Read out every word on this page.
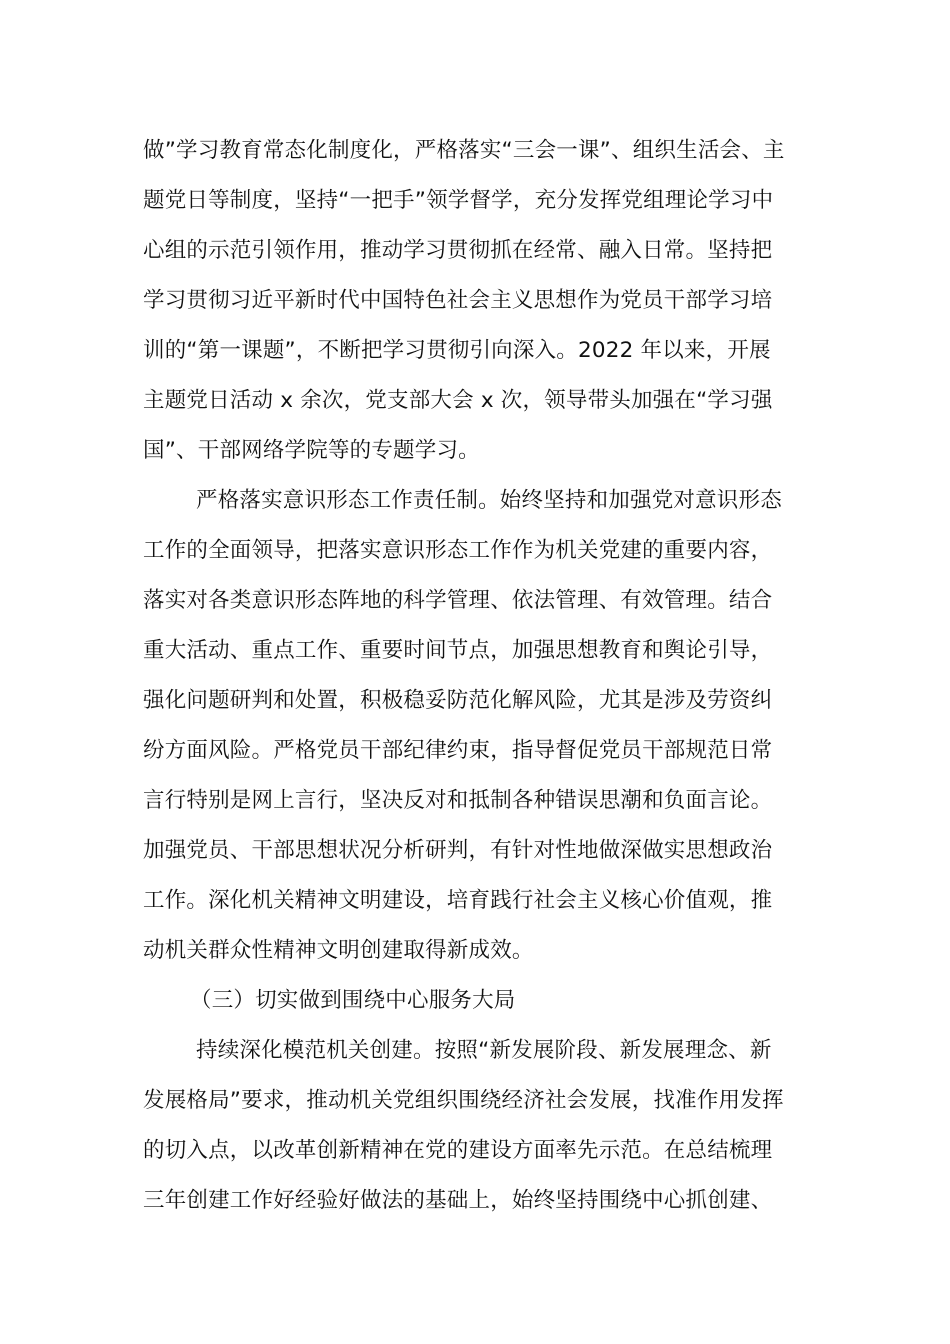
做”学习教育常态化制度化，严格落实“三会一课”、组织生活会、主
题党日等制度，坚持“一把手”领学督学，充分发挥党组理论学习中
心组的示范引领作用，推动学习贯彻抓在经常、融入日常。坚持把
学习贯彻习近平新时代中国特色社会主义思想作为党员干部学习培
训的“第一课题”，不断把学习贯彻引向深入。2022 年以来，开展
主题党日活动 x 余次，党支部大会 x 次，领导带头加强在“学习强
国”、干部网络学院等的专题学习。
严格落实意识形态工作责任制。始终坚持和加强党对意识形态
工作的全面领导，把落实意识形态工作作为机关党建的重要内容，
落实对各类意识形态阵地的科学管理、依法管理、有效管理。结合
重大活动、重点工作、重要时间节点，加强思想教育和舆论引导，
强化问题研判和处置，积极稳妥防范化解风险，尤其是涉及劳资纠
纷方面风险。严格党员干部纪律约束，指导督促党员干部规范日常
言行特别是网上言行，坚决反对和抵制各种错误思潮和负面言论。
加强党员、干部思想状况分析研判，有针对性地做深做实思想政治
工作。深化机关精神文明建设，培育践行社会主义核心价值观，推
动机关群众性精神文明创建取得新成效。
（三）切实做到围绕中心服务大局
持续深化模范机关创建。按照“新发展阶段、新发展理念、新
发展格局”要求，推动机关党组织围绕经济社会发展，找准作用发挥
的切入点，以改革创新精神在党的建设方面率先示范。在总结梳理
三年创建工作好经验好做法的基础上，始终坚持围绕中心抓创建、
